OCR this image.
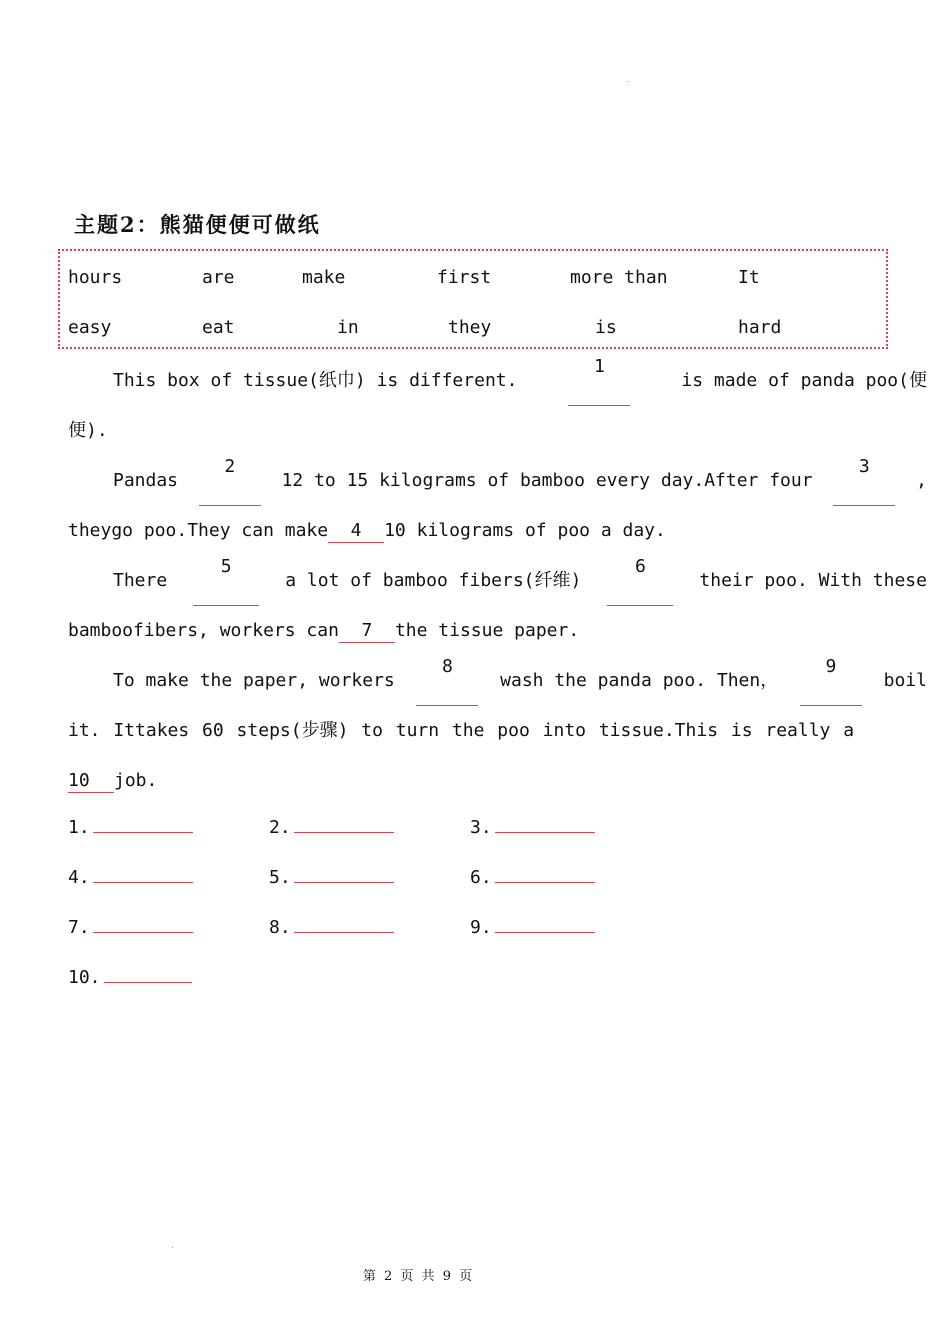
主题2：熊猫便便可做纸
hours	are	make	first	more than	It
easy	eat	in	they	is	hard
This box of tissue(纸巾) is different.
1
is made of panda poo(便
便).
Pandas
2
12 to 15 kilograms of bamboo every day.After four
3
,
theygo poo.They can make 4 10 kilograms of poo a day.
There
5
a lot of bamboo fibers(纤维)
6
their poo. With these
bamboofibers, workers can 7 the tissue paper.
To make the paper, workers
8
wash the panda poo. Then，
9
boil
it. Ittakes 60 steps(步骤) to turn the poo into tissue.This is really a
10 job.
1.	2.	3.
4.	5.	6.
7.	8.	9.
10.
第 2 页 共 9 页
